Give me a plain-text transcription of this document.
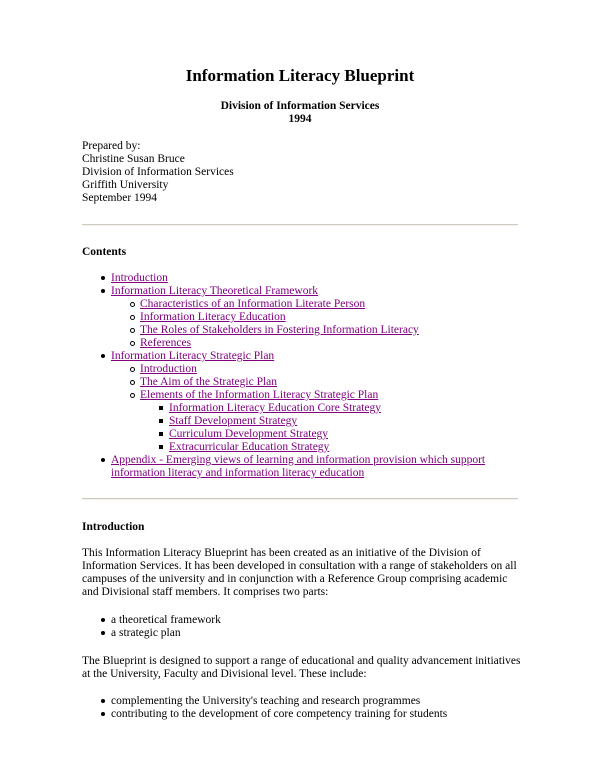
Information Literacy Blueprint
Division of Information Services
1994
Prepared by:
Christine Susan Bruce
Division of Information Services
Griffith University
September 1994
Contents
Introduction
Information Literacy Theoretical Framework
Characteristics of an Information Literate Person
Information Literacy Education
The Roles of Stakeholders in Fostering Information Literacy
References
Information Literacy Strategic Plan
Introduction
The Aim of the Strategic Plan
Elements of the Information Literacy Strategic Plan
Information Literacy Education Core Strategy
Staff Development Strategy
Curriculum Development Strategy
Extracurricular Education Strategy
Appendix - Emerging views of learning and information provision which support information literacy and information literacy education
Introduction

This Information Literacy Blueprint has been created as an initiative of the Division of Information Services. It has been developed in consultation with a range of stakeholders on all campuses of the university and in conjunction with a Reference Group comprising academic and Divisional staff members. It comprises two parts:

a theoretical framework
a strategic plan

The Blueprint is designed to support a range of educational and quality advancement initiatives at the University, Faculty and Divisional level. These include:

complementing the University's teaching and research programmes
contributing to the development of core competency training for students
